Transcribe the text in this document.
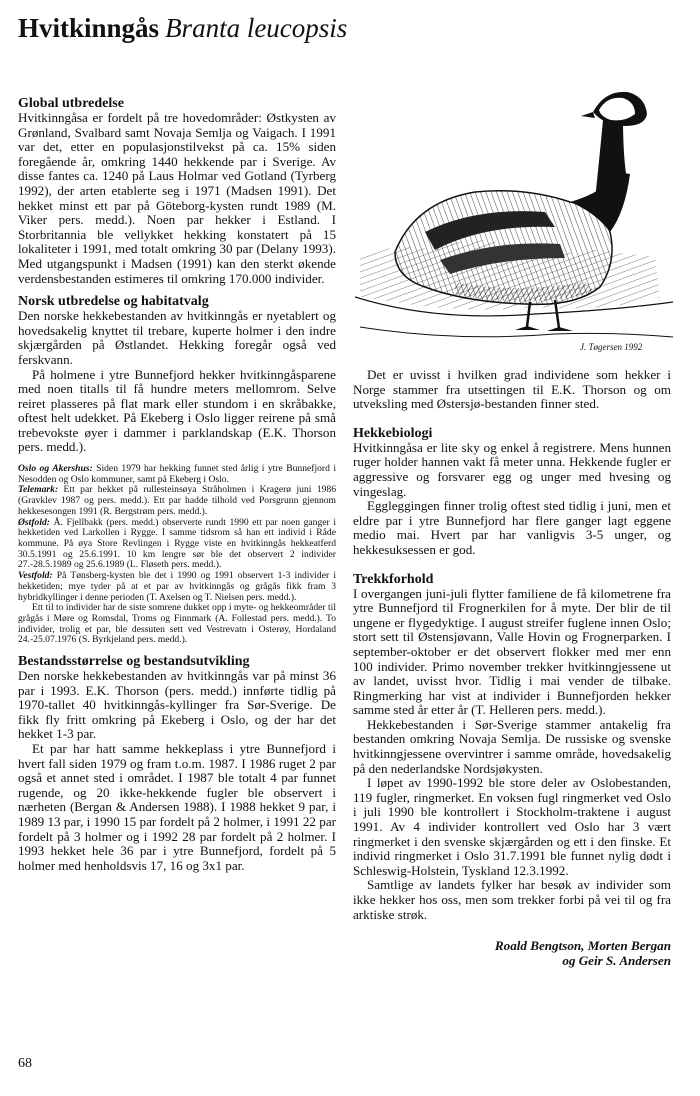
Hvitkinngås Branta leucopsis
J. Tøgersen 1992
Global utbredelse

Hvitkinngåsa er fordelt på tre hovedområder: Østkysten av Grønland, Svalbard samt Novaja Semlja og Vaigach. I 1991 var det, etter en populasjonstilvekst på ca. 15% siden foregående år, omkring 1440 hekkende par i Sverige. Av disse fantes ca. 1240 på Laus Holmar ved Gotland (Tyrberg 1992), der arten etablerte seg i 1971 (Madsen 1991). Det hekket minst ett par på Göteborg-kysten rundt 1989 (M. Viker pers. medd.). Noen par hekker i Estland. I Storbritannia ble vellykket hekking konstatert på 15 lokaliteter i 1991, med totalt omkring 30 par (Delany 1993). Med utgangspunkt i Madsen (1991) kan den sterkt økende verdensbestanden estimeres til omkring 170.000 individer.

Norsk utbredelse og habitatvalg

Den norske hekkebestanden av hvitkinngås er nyetablert og hovedsakelig knyttet til trebare, kuperte holmer i den indre skjærgården på Østlandet. Hekking foregår også ved ferskvann.

På holmene i ytre Bunnefjord hekker hvitkinngåsparene med noen titalls til få hundre meters mellomrom. Selve reiret plasseres på flat mark eller stundom i en skråbakke, oftest helt udekket. På Ekeberg i Oslo ligger reirene på små trebevokste øyer i dammer i parklandskap (E.K. Thorson pers. medd.).

Oslo og Akershus: Siden 1979 har hekking funnet sted årlig i ytre Bunnefjord i Nesodden og Oslo kommuner, samt på Ekeberg i Oslo.

Telemark: Ett par hekket på rullesteinsøya Stråholmen i Kragerø juni 1986 (Gravklev 1987 og pers. medd.). Ett par hadde tilhold ved Porsgrunn gjennom hekkesesongen 1991 (R. Bergstrøm pers. medd.).

Østfold: Å. Fjellbakk (pers. medd.) observerte rundt 1990 ett par noen ganger i hekketiden ved Larkollen i Rygge. I samme tidsrom så han ett individ i Råde kommune. På øya Store Revlingen i Rygge viste en hvitkinngås hekkeatferd 30.5.1991 og 25.6.1991. 10 km lengre sør ble det observert 2 individer 27.-28.5.1989 og 25.6.1989 (L. Fløseth pers. medd.).

Vestfold: På Tønsberg-kysten ble det i 1990 og 1991 observert 1-3 individer i hekketiden; mye tyder på at et par av hvitkinngås og grågås fikk fram 3 hybridkyllinger i denne perioden (T. Axelsen og T. Nielsen pers. medd.).

Ett til to individer har de siste somrene dukket opp i myte- og hekkeområder til grågås i Møre og Romsdal, Troms og Finnmark (A. Follestad pers. medd.). To individer, trolig et par, ble dessuten sett ved Vestrevatn i Osterøy, Hordaland 24.-25.07.1976 (S. Byrkjeland pers. medd.).

Bestandsstørrelse og bestandsutvikling

Den norske hekkebestanden av hvitkinngås var på minst 36 par i 1993. E.K. Thorson (pers. medd.) innførte tidlig på 1970-tallet 40 hvitkinngås-kyllinger fra Sør-Sverige. De fikk fly fritt omkring på Ekeberg i Oslo, og der har det hekket 1-3 par.

Et par har hatt samme hekkeplass i ytre Bunnefjord i hvert fall siden 1979 og fram t.o.m. 1987. I 1986 ruget 2 par også et annet sted i området. I 1987 ble totalt 4 par funnet rugende, og 20 ikke-hekkende fugler ble observert i nærheten (Bergan & Andersen 1988). I 1988 hekket 9 par, i 1989 13 par, i 1990 15 par fordelt på 2 holmer, i 1991 22 par fordelt på 3 holmer og i 1992 28 par fordelt på 2 holmer. I 1993 hekket hele 36 par i ytre Bunnefjord, fordelt på 5 holmer med henholdsvis 17, 16 og 3x1 par.

Det er uvisst i hvilken grad individene som hekker i Norge stammer fra utsettingen til E.K. Thorson og om utveksling med Østersjø-bestanden finner sted.

Hekkebiologi

Hvitkinngåsa er lite sky og enkel å registrere. Mens hunnen ruger holder hannen vakt få meter unna. Hekkende fugler er aggressive og forsvarer egg og unger med hvesing og vingeslag.

Eggleggingen finner trolig oftest sted tidlig i juni, men et eldre par i ytre Bunnefjord har flere ganger lagt eggene medio mai. Hvert par har vanligvis 3-5 unger, og hekkesuksessen er god.

Trekkforhold

I overgangen juni-juli flytter familiene de få kilometrene fra ytre Bunnefjord til Frognerkilen for å myte. Der blir de til ungene er flygedyktige. I august streifer fuglene innen Oslo; stort sett til Østensjøvann, Valle Hovin og Frognerparken. I september-oktober er det observert flokker med mer enn 100 individer. Primo november trekker hvitkinngjessene ut av landet, uvisst hvor. Tidlig i mai vender de tilbake. Ringmerking har vist at individer i Bunnefjorden hekker samme sted år etter år (T. Helleren pers. medd.).

Hekkebestanden i Sør-Sverige stammer antakelig fra bestanden omkring Novaja Semlja. De russiske og svenske hvitkinngjessene overvintrer i samme område, hovedsakelig på den nederlandske Nordsjøkysten.

I løpet av 1990-1992 ble store deler av Oslobestanden, 119 fugler, ringmerket. En voksen fugl ringmerket ved Oslo i juli 1990 ble kontrollert i Stockholm-traktene i august 1991. Av 4 individer kontrollert ved Oslo har 3 vært ringmerket i den svenske skjærgården og ett i den finske. Et individ ringmerket i Oslo 31.7.1991 ble funnet nylig dødt i Schleswig-Holstein, Tyskland 12.3.1992.

Samtlige av landets fylker har besøk av individer som ikke hekker hos oss, men som trekker forbi på vei til og fra arktiske strøk.

Roald Bengtson, Morten Bergan
og Geir S. Andersen
68
